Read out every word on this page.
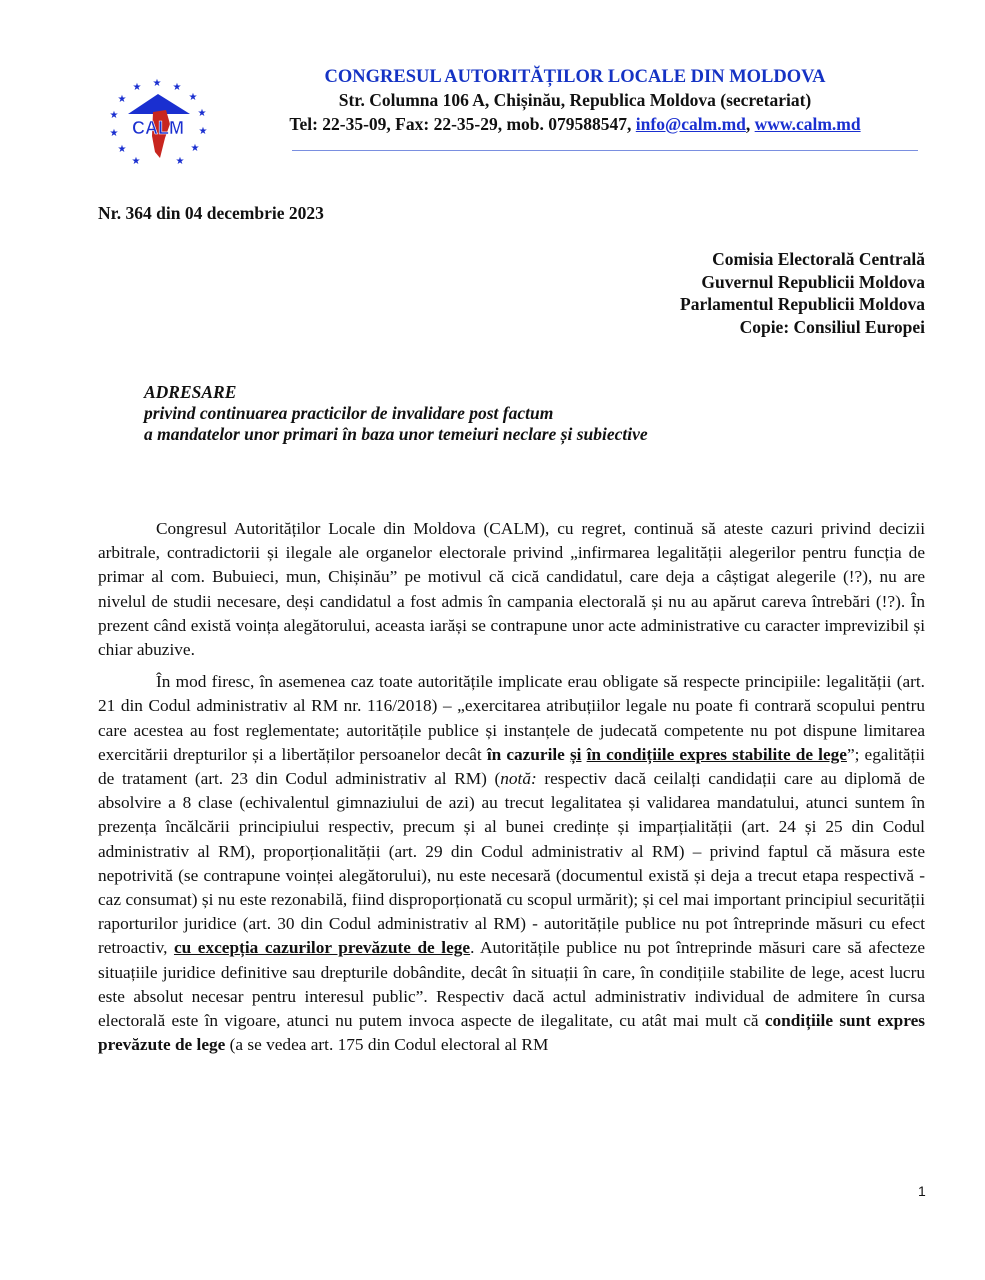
★ ★
★
★
★
★
★
★
★
★
★
★
★
CALM
CONGRESUL AUTORITĂȚILOR LOCALE DIN MOLDOVA
Str. Columna 106 A, Chișinău, Republica Moldova (secretariat)
Tel: 22-35-09, Fax: 22-35-29, mob. 079588547, info@calm.md, www.calm.md
Nr. 364 din 04 decembrie 2023
Comisia Electorală Centrală
Guvernul Republicii Moldova
Parlamentul Republicii Moldova
Copie: Consiliul Europei
ADRESARE
privind continuarea practicilor de invalidare post factum
a mandatelor unor primari în baza unor temeiuri neclare și subiective

Congresul Autorităților Locale din Moldova (CALM), cu regret, continuă să ateste cazuri privind decizii arbitrale, contradictorii și ilegale ale organelor electorale privind „infirmarea legalității alegerilor pentru funcția de primar al com. Bubuieci, mun, Chișinău” pe motivul că cică candidatul, care deja a câștigat alegerile (!?), nu are nivelul de studii necesare, deși candidatul a fost admis în campania electorală și nu au apărut careva întrebări (!?). În prezent când există voința alegătorului, aceasta iarăși se contrapune unor acte administrative cu caracter imprevizibil și chiar abuzive.

În mod firesc, în asemenea caz toate autoritățile implicate erau obligate să respecte principiile: legalității (art. 21 din Codul administrativ al RM nr. 116/2018) – „exercitarea atribuțiilor legale nu poate fi contrară scopului pentru care acestea au fost reglementate; autoritățile publice și instanțele de judecată competente nu pot dispune limitarea exercitării drepturilor și a libertăților persoanelor decât în cazurile și în condițiile expres stabilite de lege”; egalității de tratament (art. 23 din Codul administrativ al RM) (notă: respectiv dacă ceilalți candidații care au diplomă de absolvire a 8 clase (echivalentul gimnaziului de azi) au trecut legalitatea și validarea mandatului, atunci suntem în prezența încălcării principiului respectiv, precum și al bunei credințe și imparțialității (art. 24 și 25 din Codul administrativ al RM), proporționalității (art. 29 din Codul administrativ al RM) – privind faptul că măsura este nepotrivită (se contrapune voinței alegătorului), nu este necesară (documentul există și deja a trecut etapa respectivă -caz consumat) și nu este rezonabilă, fiind disproporționată cu scopul urmărit); și cel mai important principiul securității raporturilor juridice (art. 30 din Codul administrativ al RM) - autoritățile publice nu pot întreprinde măsuri cu efect retroactiv, cu excepția cazurilor prevăzute de lege. Autoritățile publice nu pot întreprinde măsuri care să afecteze situațiile juridice definitive sau drepturile dobândite, decât în situații în care, în condițiile stabilite de lege, acest lucru este absolut necesar pentru interesul public”. Respectiv dacă actul administrativ individual de admitere în cursa electorală este în vigoare, atunci nu putem invoca aspecte de ilegalitate, cu atât mai mult că condițiile sunt expres prevăzute de lege (a se vedea art. 175 din Codul electoral al RM

1
